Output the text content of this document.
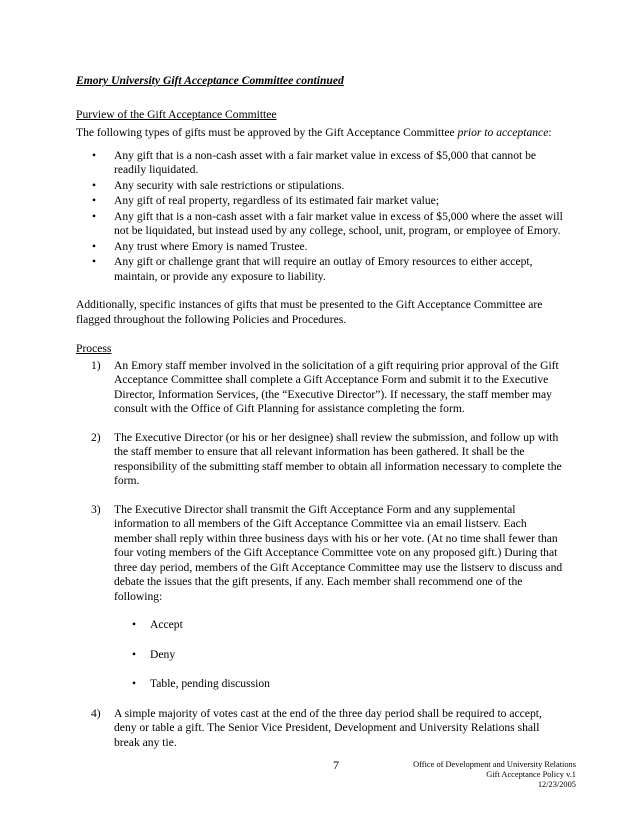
Emory University Gift Acceptance Committee continued

Purview of the Gift Acceptance Committee

The following types of gifts must be approved by the Gift Acceptance Committee prior to acceptance:

• Any gift that is a non-cash asset with a fair market value in excess of $5,000 that cannot be readily liquidated.
• Any security with sale restrictions or stipulations.
• Any gift of real property, regardless of its estimated fair market value;
• Any gift that is a non-cash asset with a fair market value in excess of $5,000 where the asset will not be liquidated, but instead used by any college, school, unit, program, or employee of Emory.
• Any trust where Emory is named Trustee.
• Any gift or challenge grant that will require an outlay of Emory resources to either accept, maintain, or provide any exposure to liability.

Additionally, specific instances of gifts that must be presented to the Gift Acceptance Committee are flagged throughout the following Policies and Procedures.

Process

1) An Emory staff member involved in the solicitation of a gift requiring prior approval of the Gift Acceptance Committee shall complete a Gift Acceptance Form and submit it to the Executive Director, Information Services, (the “Executive Director”). If necessary, the staff member may consult with the Office of Gift Planning for assistance completing the form.
2) The Executive Director (or his or her designee) shall review the submission, and follow up with the staff member to ensure that all relevant information has been gathered. It shall be the responsibility of the submitting staff member to obtain all information necessary to complete the form.
3) The Executive Director shall transmit the Gift Acceptance Form and any supplemental information to all members of the Gift Acceptance Committee via an email listserv. Each member shall reply within three business days with his or her vote. (At no time shall fewer than four voting members of the Gift Acceptance Committee vote on any proposed gift.) During that three day period, members of the Gift Acceptance Committee may use the listserv to discuss and debate the issues that the gift presents, if any. Each member shall recommend one of the following:
• Accept
• Deny
• Table, pending discussion
4) A simple majority of votes cast at the end of the three day period shall be required to accept, deny or table a gift. The Senior Vice President, Development and University Relations shall break any tie.
7	Office of Development and University Relations
Gift Acceptance Policy v.1
12/23/2005
